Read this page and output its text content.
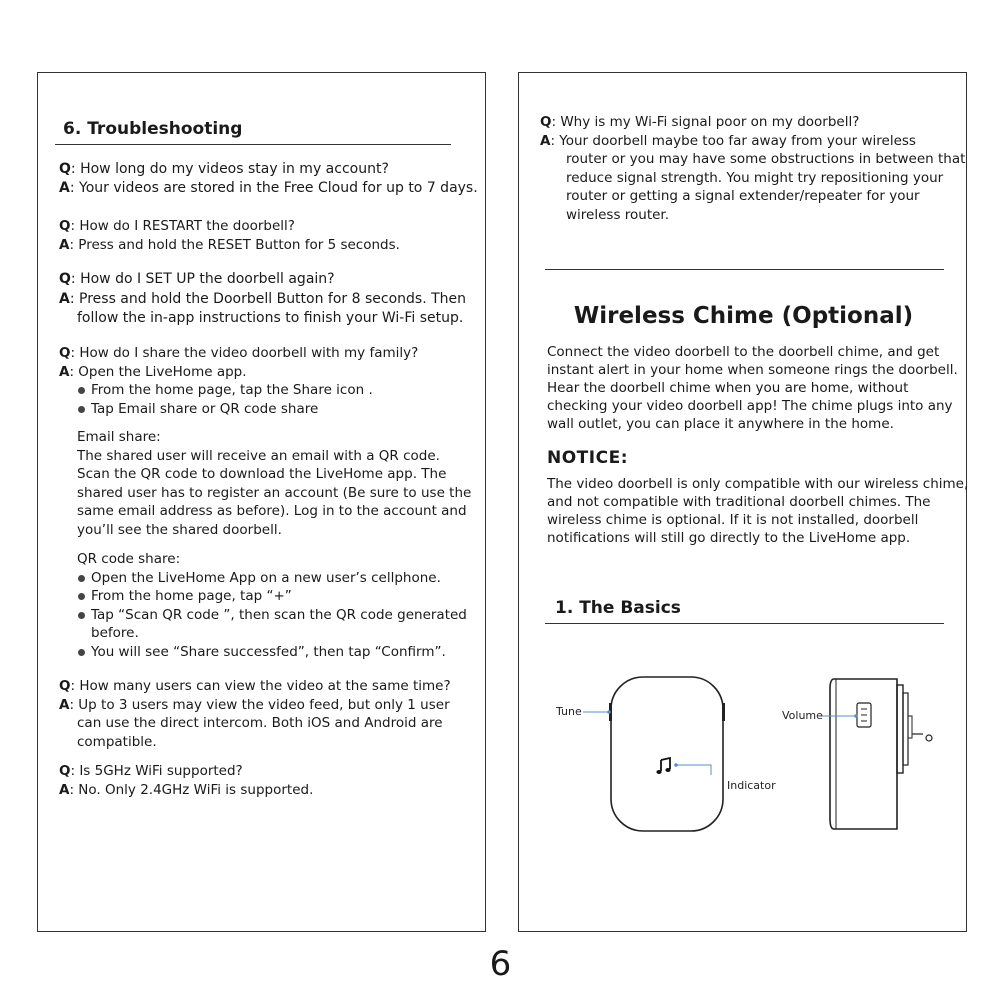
6. Troubleshooting
Q: How long do my videos stay in my account?
A: Your videos are stored in the Free Cloud for up to 7 days.
Q: How do I RESTART the doorbell?
A: Press and hold the RESET Button for 5 seconds.
Q: How do I SET UP the doorbell again?
A: Press and hold the Doorbell Button for 8 seconds. Then
follow the in-app instructions to finish your Wi-Fi setup.
Q: How do I share the video doorbell with my family?
A: Open the LiveHome app.
From the home page, tap the Share icon .
Tap Email share or QR code share
Email share:
The shared user will receive an email with a QR code.
Scan the QR code to download the LiveHome app. The
shared user has to register an account (Be sure to use the
same email address as before). Log in to the account and
you’ll see the shared doorbell.
QR code share:
Open the LiveHome App on a new user’s cellphone.
From the home page, tap “+”
Tap “Scan QR code ”, then scan the QR code generated
before.
You will see “Share successfed”, then tap “Confirm”.
Q: How many users can view the video at the same time?
A: Up to 3 users may view the video feed, but only 1 user
can use the direct intercom. Both iOS and Android are
compatible.
Q: Is 5GHz WiFi supported?
A: No. Only 2.4GHz WiFi is supported.
Q: Why is my Wi-Fi signal poor on my doorbell?
A: Your doorbell maybe too far away from your wireless
router or you may have some obstructions in between that
reduce signal strength. You might try repositioning your
router or getting a signal extender/repeater for your
wireless router.
Wireless Chime (Optional)
Connect the video doorbell to the doorbell chime, and get
instant alert in your home when someone rings the doorbell.
Hear the doorbell chime when you are home, without
checking your video doorbell app! The chime plugs into any
wall outlet, you can place it anywhere in the home.
NOTICE:
The video doorbell is only compatible with our wireless chime,
and not compatible with traditional doorbell chimes. The
wireless chime is optional. If it is not installed, doorbell
notifications will still go directly to the LiveHome app.
1. The Basics
Tune
Indicator
Volume
6
